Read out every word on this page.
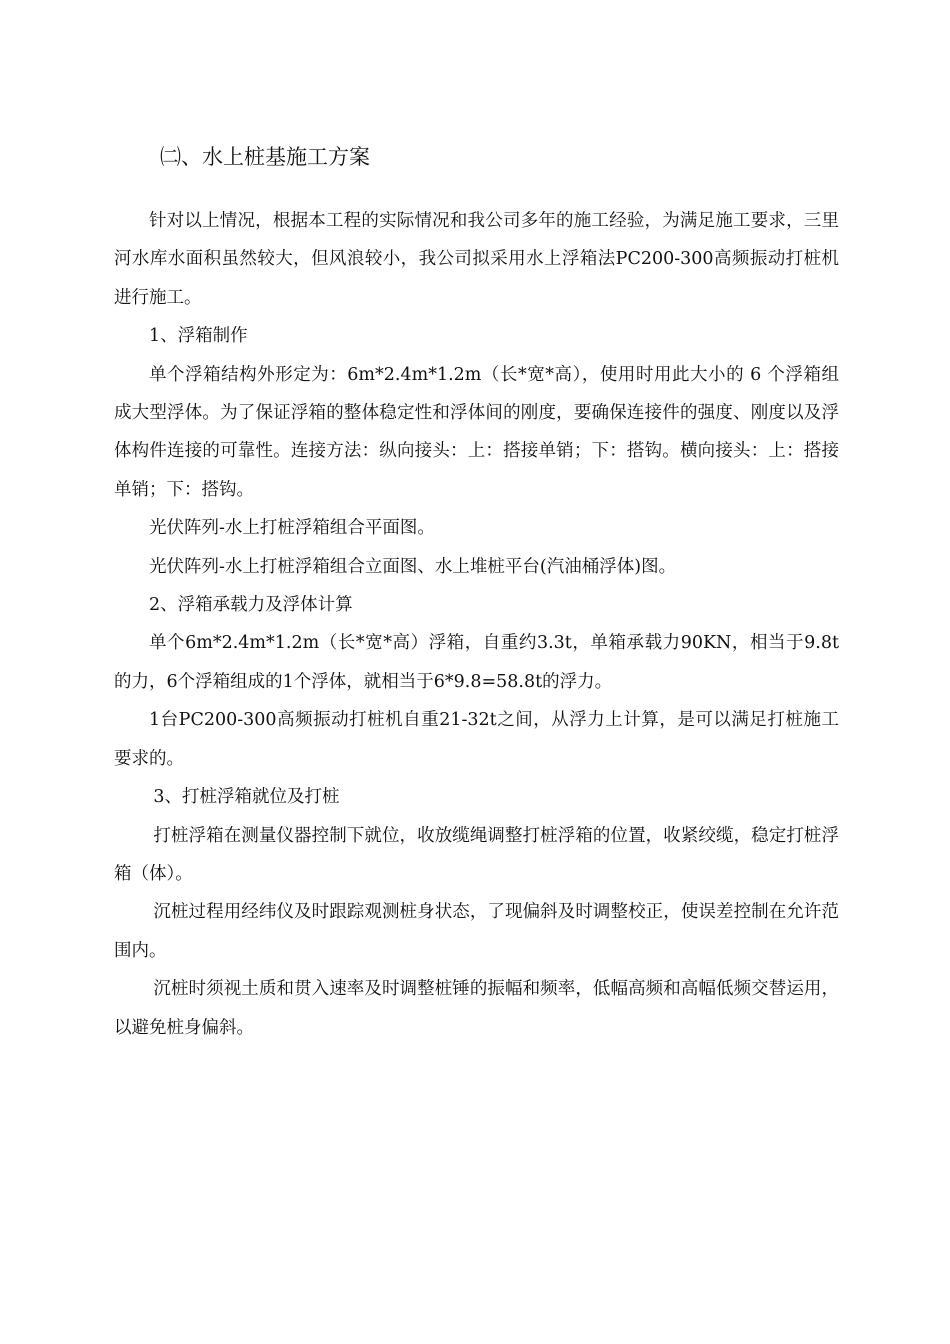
㈡、水上桩基施工方案

针对以上情况，根据本工程的实际情况和我公司多年的施工经验，为满足施工要求，三里河水库水面积虽然较大，但风浪较小，我公司拟采用水上浮箱法PC200-300高频振动打桩机进行施工。

1、浮箱制作

单个浮箱结构外形定为：6m*2.4m*1.2m（长*宽*高），使用时用此大小的 6 个浮箱组成大型浮体。为了保证浮箱的整体稳定性和浮体间的刚度，要确保连接件的强度、刚度以及浮体构件连接的可靠性。连接方法：纵向接头：上：搭接单销；下：搭钩。横向接头：上：搭接单销；下：搭钩。

光伏阵列-水上打桩浮箱组合平面图。

光伏阵列-水上打桩浮箱组合立面图、水上堆桩平台(汽油桶浮体)图。

2、浮箱承载力及浮体计算

单个6m*2.4m*1.2m（长*宽*高）浮箱，自重约3.3t，单箱承载力90KN，相当于9.8t的力，6个浮箱组成的1个浮体，就相当于6*9.8=58.8t的浮力。

1台PC200-300高频振动打桩机自重21-32t之间，从浮力上计算，是可以满足打桩施工要求的。

3、打桩浮箱就位及打桩

打桩浮箱在测量仪器控制下就位，收放缆绳调整打桩浮箱的位置，收紧绞缆，稳定打桩浮箱（体）。

沉桩过程用经纬仪及时跟踪观测桩身状态，了现偏斜及时调整校正，使误差控制在允许范围内。

沉桩时须视土质和贯入速率及时调整桩锤的振幅和频率，低幅高频和高幅低频交替运用，以避免桩身偏斜。
